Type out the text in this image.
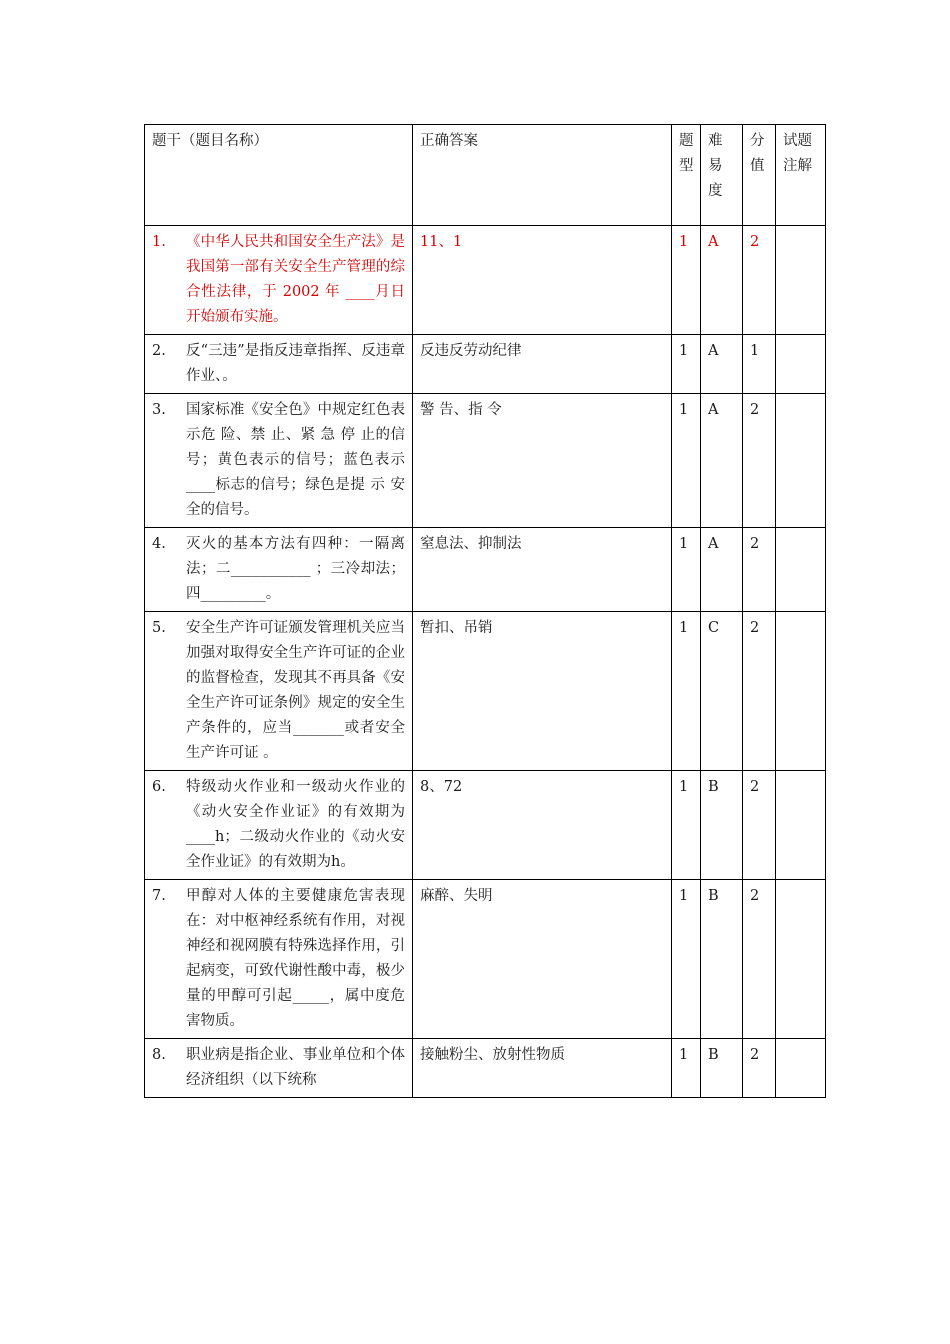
题干（题目名称）	正确答案	题型	难易度	分值	试题注解

1. 《中华人民共和国安全生产法》是我国第一部有关安全生产管理的综合性法律，于 2002 年 ____月日开始颁布实施。	11、1	1	A	2	

2. 反“三违”是指反违章指挥、反违章作业、。	反违反劳动纪律	1	A	1	

3. 国家标准《安全色》中规定红色表示危 险、禁 止、紧 急 停 止的信号；黄色表示的信号；蓝色表示____标志的信号；绿色是提 示 安 全的信号。	警 告、指 令	1	A	2	

4. 灭火的基本方法有四种：一隔离法；二___________ ；三冷却法；四_________。	窒息法、抑制法	1	A	2	

5. 安全生产许可证颁发管理机关应当加强对取得安全生产许可证的企业的监督检查，发现其不再具备《安全生产许可证条例》规定的安全生产条件的，应当_______或者安全生产许可证 。	暂扣、吊销	1	C	2	

6. 特级动火作业和一级动火作业的《动火安全作业证》的有效期为____h；二级动火作业的《动火安全作业证》的有效期为h。	8、72	1	B	2	

7. 甲醇对人体的主要健康危害表现在：对中枢神经系统有作用，对视神经和视网膜有特殊选择作用，引起病变，可致代谢性酸中毒，极少量的甲醇可引起_____，属中度危害物质。	麻醉、失明	1	B	2	

8. 职业病是指企业、事业单位和个体经济组织（以下统称	接触粉尘、放射性物质	1	B	2	
